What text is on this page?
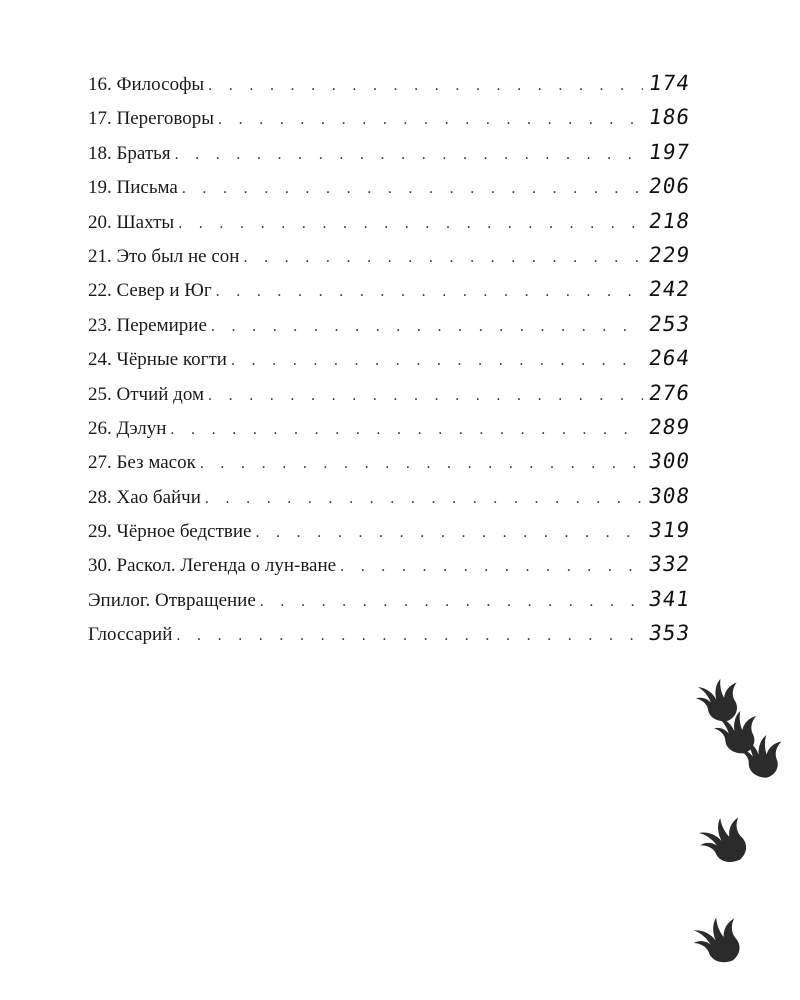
16. Философы . . .	174
17. Переговоры . . .	186
18. Братья . . .	197
19. Письма . . .	206
20. Шахты . . .	218
21. Это был не сон . . .	229
22. Север и Юг . . .	242
23. Перемирие . . .	253
24. Чёрные когти . . .	264
25. Отчий дом . . .	276
26. Дэлун . . .	289
27. Без масок . . .	300
28. Хао байчи . . .	308
29. Чёрное бедствие . . .	319
30. Раскол. Легенда о лун-ване . . .	332
Эпилог. Отвращение . . .	341
Глоссарий . . .	353
